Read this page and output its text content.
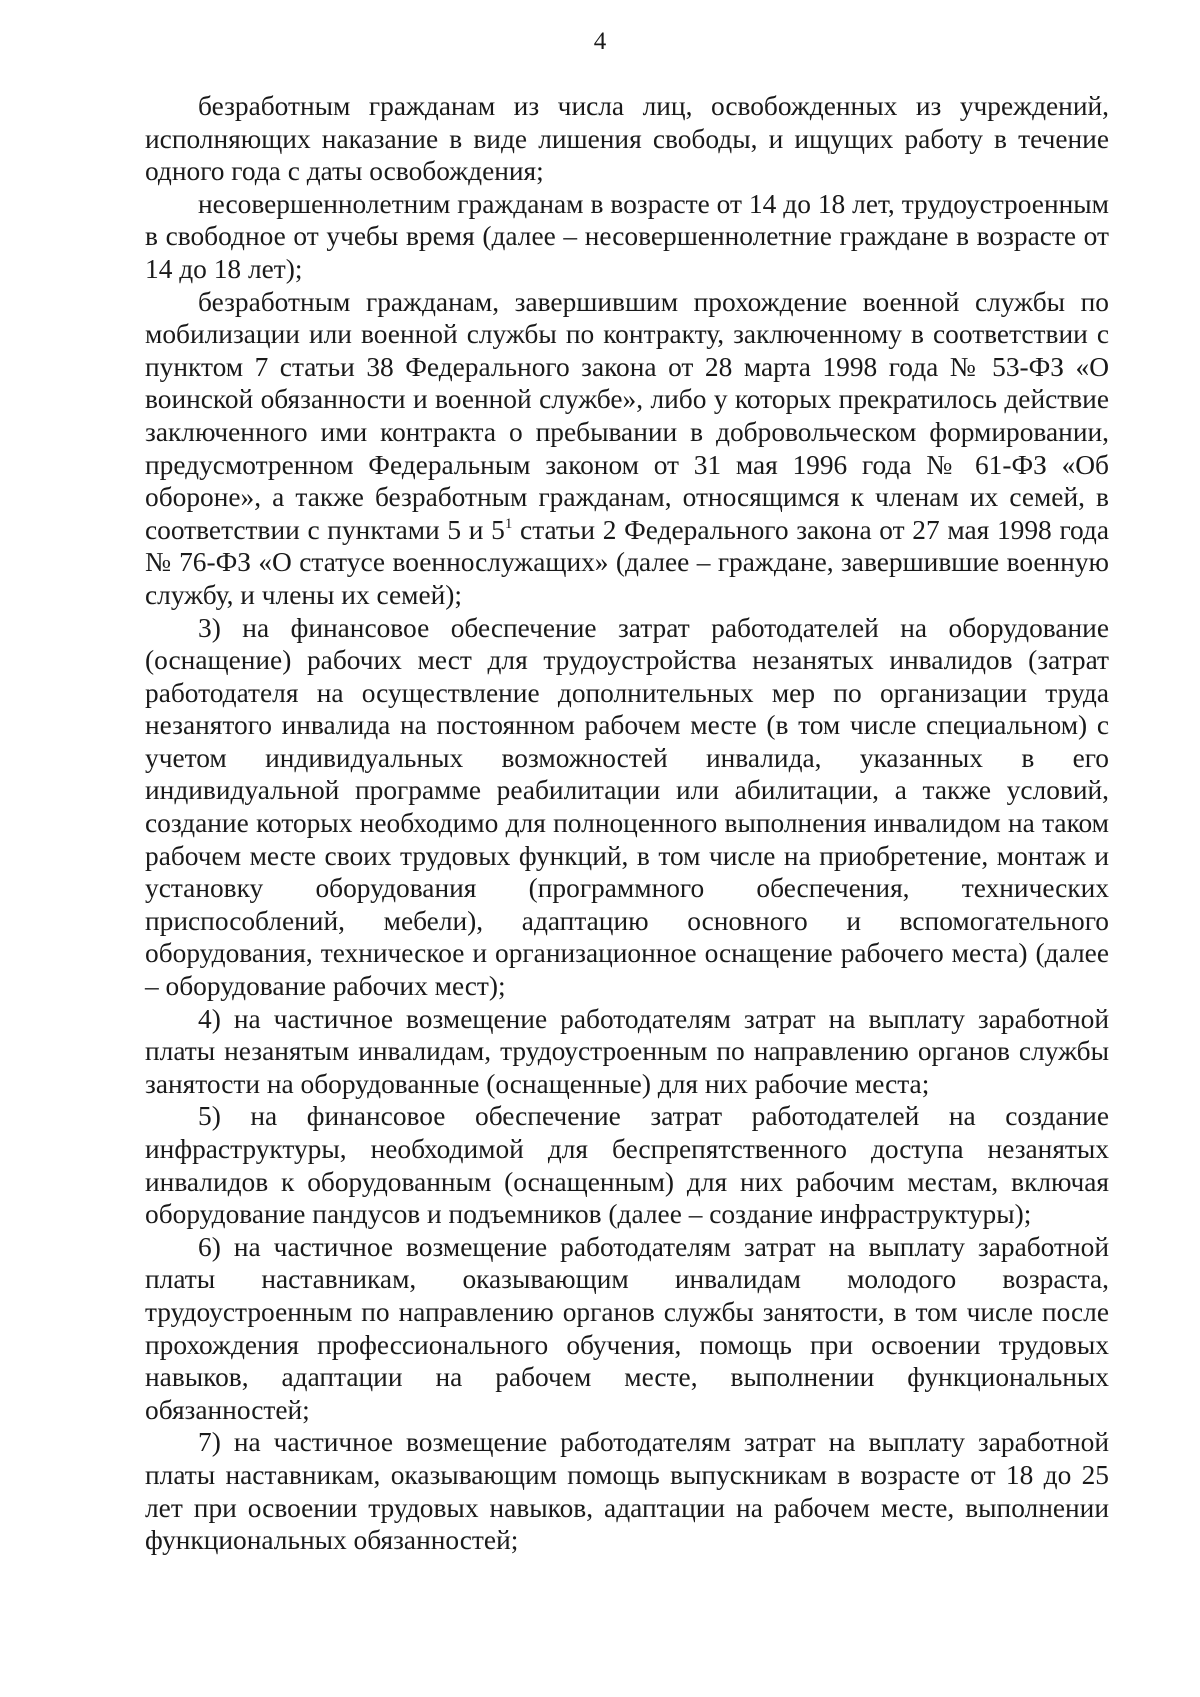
4

безработным гражданам из числа лиц, освобожденных из учреждений, исполняющих наказание в виде лишения свободы, и ищущих работу в течение одного года с даты освобождения;

несовершеннолетним гражданам в возрасте от 14 до 18 лет, трудоустроенным в свободное от учебы время (далее – несовершеннолетние граждане в возрасте от 14 до 18 лет);

безработным гражданам, завершившим прохождение военной службы по мобилизации или военной службы по контракту, заключенному в соответствии с пунктом 7 статьи 38 Федерального закона от 28 марта 1998 года № 53-ФЗ «О воинской обязанности и военной службе», либо у которых прекратилось действие заключенного ими контракта о пребывании в добровольческом формировании, предусмотренном Федеральным законом от 31 мая 1996 года № 61-ФЗ «Об обороне», а также безработным гражданам, относящимся к членам их семей, в соответствии с пунктами 5 и $5^1$ статьи 2 Федерального закона от 27 мая 1998 года № 76-ФЗ «О статусе военнослужащих» (далее – граждане, завершившие военную службу, и члены их семей);

3) на финансовое обеспечение затрат работодателей на оборудование (оснащение) рабочих мест для трудоустройства незанятых инвалидов (затрат работодателя на осуществление дополнительных мер по организации труда незанятого инвалида на постоянном рабочем месте (в том числе специальном) с учетом индивидуальных возможностей инвалида, указанных в его индивидуальной программе реабилитации или абилитации, а также условий, создание которых необходимо для полноценного выполнения инвалидом на таком рабочем месте своих трудовых функций, в том числе на приобретение, монтаж и установку оборудования (программного обеспечения, технических приспособлений, мебели), адаптацию основного и вспомогательного оборудования, техническое и организационное оснащение рабочего места) (далее – оборудование рабочих мест);

4) на частичное возмещение работодателям затрат на выплату заработной платы незанятым инвалидам, трудоустроенным по направлению органов службы занятости на оборудованные (оснащенные) для них рабочие места;

5) на финансовое обеспечение затрат работодателей на создание инфраструктуры, необходимой для беспрепятственного доступа незанятых инвалидов к оборудованным (оснащенным) для них рабочим местам, включая оборудование пандусов и подъемников (далее – создание инфраструктуры);

6) на частичное возмещение работодателям затрат на выплату заработной платы наставникам, оказывающим инвалидам молодого возраста, трудоустроенным по направлению органов службы занятости, в том числе после прохождения профессионального обучения, помощь при освоении трудовых навыков, адаптации на рабочем месте, выполнении функциональных обязанностей;

7) на частичное возмещение работодателям затрат на выплату заработной платы наставникам, оказывающим помощь выпускникам в возрасте от 18 до 25 лет при освоении трудовых навыков, адаптации на рабочем месте, выполнении функциональных обязанностей;
